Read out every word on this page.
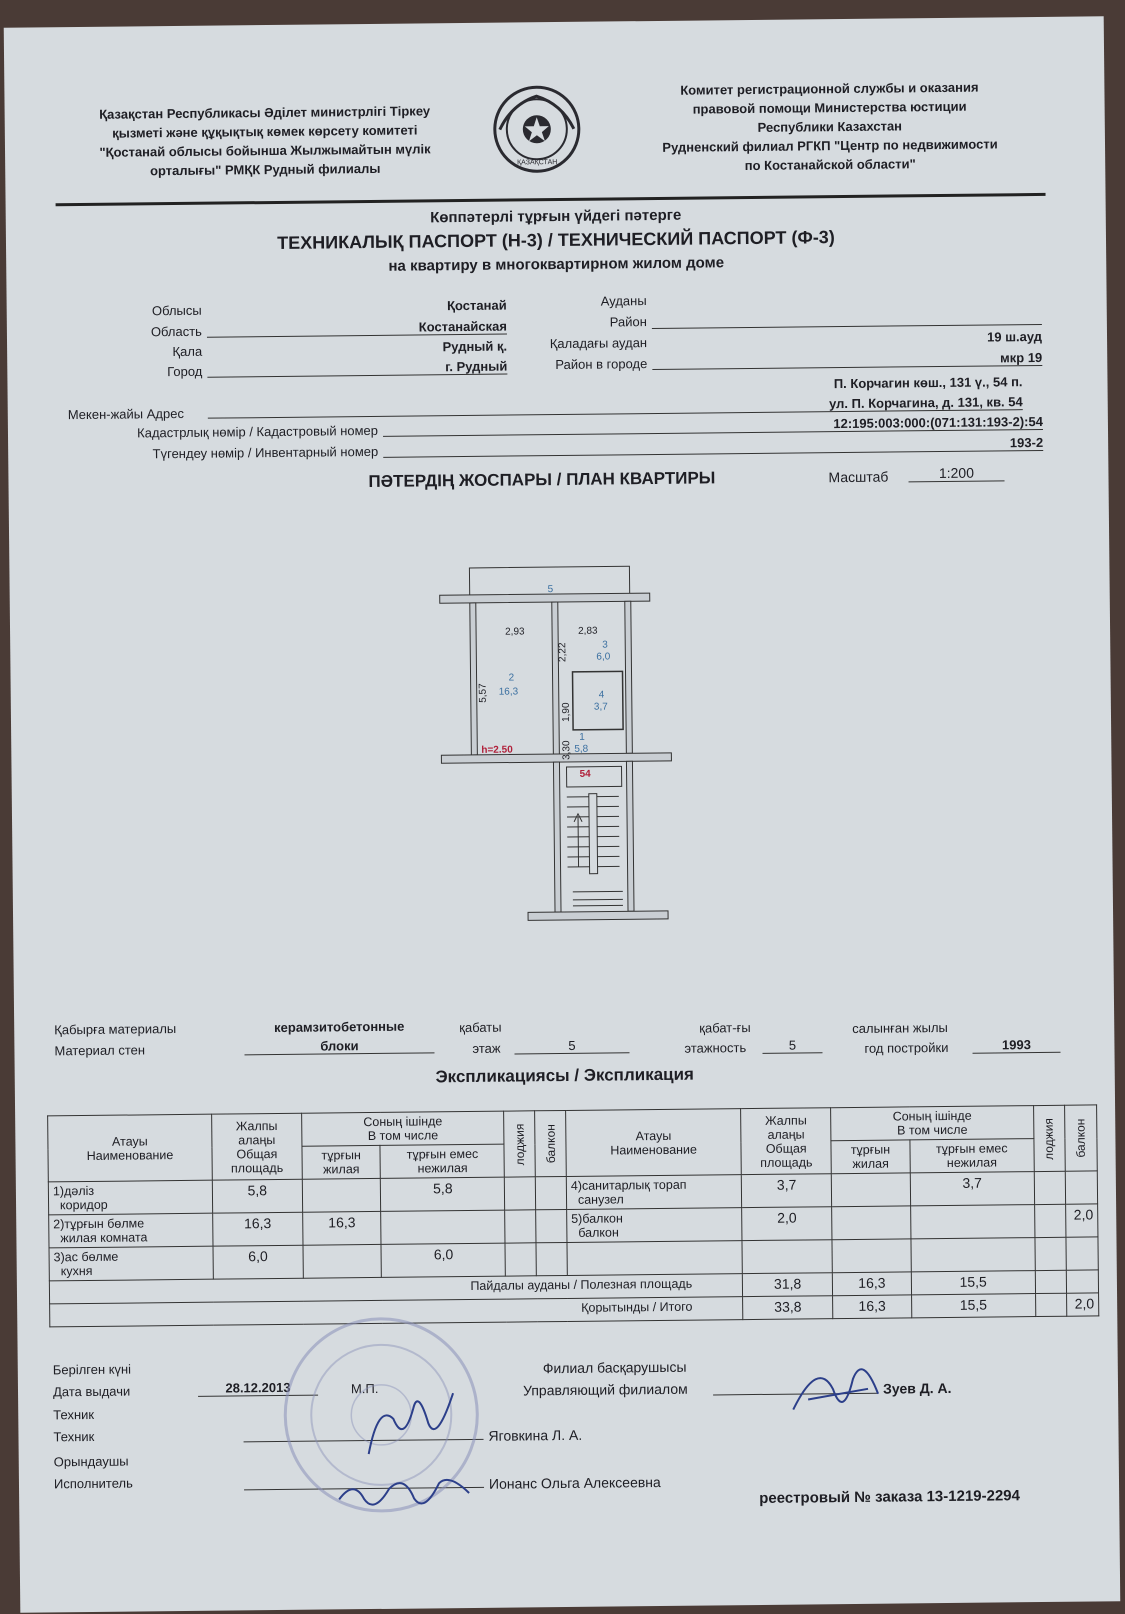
Қазақстан Республикасы Әділет министрлігі Тіркеу
қызметі және құқықтық көмек көрсету комитеті
"Қостанай облысы бойынша Жылжымайтын мүлік
орталығы" РМҚК Рудный филиалы	ҚАЗАҚСТАН
Комитет регистрационной службы и оказания
правовой помощи Министерства юстиции
Республики Казахстан
Рудненский филиал РГКП "Центр по недвижимости
по Костанайской области"
Көппәтерлі тұрғын үйдегі пәтерге
ТЕХНИКАЛЫҚ ПАСПОРТ (Н-3) / ТЕХНИЧЕСКИЙ ПАСПОРТ (Ф-3)
на квартиру в многоквартирном жилом доме
Облысы
Область
Қостанай
Костанайская
Қала
Город
Рудный қ.
г. Рудный
Ауданы
Район
Қаладағы аудан
Район в городе
19 ш.ауд
мкр 19
П. Корчагин көш., 131 ү., 54 п.
Мекен-жайы Адрес
ул. П. Корчагина, д. 131, кв. 54
Кадастрлық нөмір / Кадастровый номер
12:195:003:000:(071:131:193-2):54
Түгендеу нөмір / Инвентарный номер
193-2
ПӘТЕРДІҢ ЖОСПАРЫ / ПЛАН КВАРТИРЫ	Масштаб	1:200
5
2,93	2,83
2,22
5,57
1,90
3,30
2
16,3
3
6,0
4
3,7
1
5,8
h=2.50
54
Қабырға материалы
Материал стен
керамзитобетонные
блоки
қабаты
этаж	5
қабат-ғы
этажность	5
салынған жылы
год постройки	1993
Экспликациясы / Экспликация
Атауы
Наименование	Жалпы
алаңы
Общая
площадь	Соның ішінде
В том числе		лоджия	балкон	Атауы
Наименование	Жалпы
алаңы
Общая
площадь	Соның ішінде
В том числе		лоджия	балкон
		тұрғын
жилая	тұрғын емес
нежилая					тұрғын
жилая	тұрғын емес
нежилая		
1)дәліз
коридор	5,8		5,8			4)санитарлық торап
санузел	3,7		3,7		
2)тұрғын бөлме
жилая комната	16,3	16,3				5)балкон
балкон	2,0				2,0
3)ас бөлме
кухня	6,0		6,0								
Пайдалы ауданы / Полезная площадь							31,8	16,3	15,5		
Қорытынды / Итого							33,8	16,3	15,5		2,0
Берілген күні
Дата выдачи	28.12.2013	М.П.
Техник
Техник	Яговкина Л. А.
Орындаушы
Исполнитель	Ионанс Ольга Алексеевна
Филиал басқарушысы
Управляющий филиалом	Зуев Д. А.
реестровый № заказа 13-1219-2294
